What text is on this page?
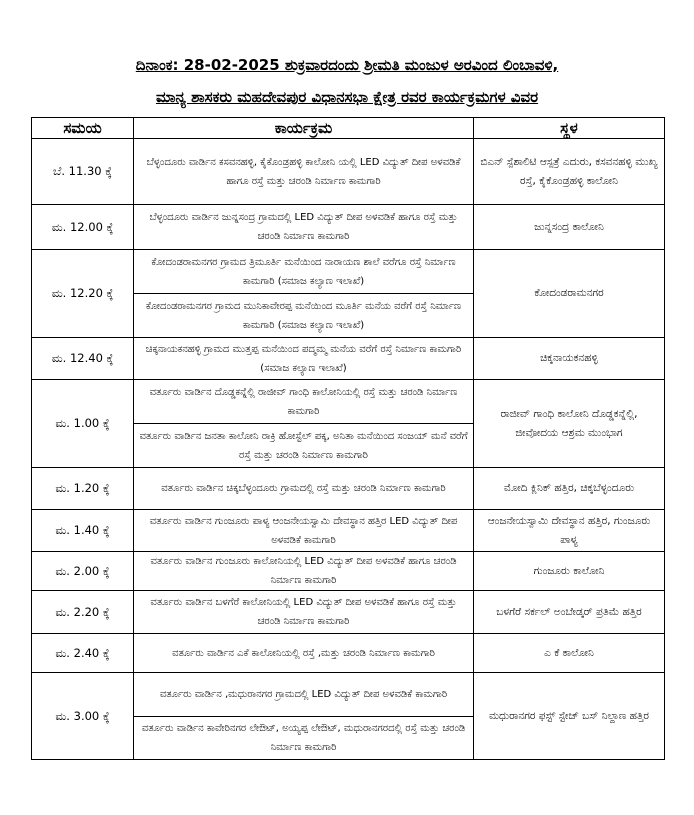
ದಿನಾಂಕ: 28-02-2025 ಶುಕ್ರವಾರದಂದು ಶ್ರೀಮತಿ ಮಂಜುಳ ಅರವಿಂದ ಲಿಂಬಾವಳಿ,
ಮಾನ್ಯ ಶಾಸಕರು ಮಹದೇವಪುರ ವಿಧಾನಸಭಾ ಕ್ಷೇತ್ರ ರವರ ಕಾರ್ಯಕ್ರಮಗಳ ವಿವರ
ಸಮಯ	ಕಾರ್ಯಕ್ರಮ	ಸ್ಥಳ
ಬೆ. 11.30 ಕ್ಕೆ	ಬೆಳ್ಳಂದೂರು ವಾರ್ಡಿನ ಕಸವನಹಳ್ಳಿ, ಕೈಕೊಂಡ್ರಹಳ್ಳಿ ಕಾಲೋನಿ ಯಲ್ಲಿ LED ವಿದ್ಯುತ್ ದೀಪ ಅಳವಡಿಕೆ ಹಾಗೂ ರಸ್ತೆ ಮತ್ತು ಚರಂಡಿ ನಿರ್ಮಾಣ ಕಾಮಗಾರಿ	ಬಿಎನ್ ಸ್ಪೆಶಾಲಿಟಿ ಆಸ್ಪತ್ರೆ ಎದುರು, ಕಸವನಹಳ್ಳಿ ಮುಖ್ಯ ರಸ್ತೆ, ಕೈಕೊಂಡ್ರಹಳ್ಳಿ ಕಾಲೋನಿ
ಮ. 12.00 ಕ್ಕೆ	ಬೆಳ್ಳಂದೂರು ವಾರ್ಡಿನ ಜುನ್ನಸಂದ್ರ ಗ್ರಾಮದಲ್ಲಿ LED ವಿದ್ಯುತ್ ದೀಪ ಅಳವಡಿಕೆ ಹಾಗೂ ರಸ್ತೆ ಮತ್ತು ಚರಂಡಿ ನಿರ್ಮಾಣ ಕಾಮಗಾರಿ	ಜುನ್ನಸಂದ್ರ ಕಾಲೋನಿ
ಮ. 12.20 ಕ್ಕೆ	ಕೋದಂಡರಾಮನಗರ ಗ್ರಾಮದ ತ್ರಿಮೂರ್ತಿ ಮನೆಯಿಂದ ನಾರಾಯಣ ಶಾಲೆ ವರೆಗೂ ರಸ್ತೆ ನಿರ್ಮಾಣ ಕಾಮಗಾರಿ (ಸಮಾಜ ಕಲ್ಯಾಣ ಇಲಾಖೆ)	ಕೋದಂಡರಾಮನಗರ
	ಕೋದಂಡರಾಮನಗರ ಗ್ರಾಮದ ಮುನಿಕಾವೇರಪ್ಪ ಮನೆಯಿಂದ ಮೂರ್ತಿ ಮನೆಯ ವರೆಗೆ ರಸ್ತೆ ನಿರ್ಮಾಣ ಕಾಮಗಾರಿ (ಸಮಾಜ ಕಲ್ಯಾಣ ಇಲಾಖೆ)	
ಮ. 12.40 ಕ್ಕೆ	ಚಿಕ್ಕನಾಯಕನಹಳ್ಳಿ ಗ್ರಾಮದ ಮುತ್ತಪ್ಪ ಮನೆಯಿಂದ ಪದ್ಮಮ್ಮ ಮನೆಯ ವರೆಗೆ ರಸ್ತೆ ನಿರ್ಮಾಣ ಕಾಮಗಾರಿ (ಸಮಾಜ ಕಲ್ಯಾಣ ಇಲಾಖೆ)	ಚಿಕ್ಕನಾಯಕನಹಳ್ಳಿ
ಮ. 1.00 ಕ್ಕೆ	ವರ್ತೂರು ವಾರ್ಡಿನ ದೊಡ್ಡಕನ್ನೆಲ್ಲಿ ರಾಜೀವ್ ಗಾಂಧಿ ಕಾಲೋನಿಯಲ್ಲಿ ರಸ್ತೆ ಮತ್ತು ಚರಂಡಿ ನಿರ್ಮಾಣ ಕಾಮಗಾರಿ	ರಾಜೀವ್ ಗಾಂಧಿ ಕಾಲೋನಿ ದೊಡ್ಡಕನ್ನೆಲ್ಲಿ, ಜೀವೋದಯ ಆಶ್ರಮ ಮುಂಭಾಗ
	ವರ್ತೂರು ವಾರ್ಡಿನ ಜನತಾ ಕಾಲೋನಿ ರಾಕ್ರಿ ಹೋಸ್ಟೆಲ್ ಪಕ್ಕ, ಅನಿತಾ ಮನೆಯಿಂದ ಸಂಜಯ್ ಮನೆ ವರೆಗೆ ರಸ್ತೆ ಮತ್ತು ಚರಂಡಿ ನಿರ್ಮಾಣ ಕಾಮಗಾರಿ	
ಮ. 1.20 ಕ್ಕೆ	ವರ್ತೂರು ವಾರ್ಡಿನ ಚಿಕ್ಕಬೆಳ್ಳಂದೂರು ಗ್ರಾಮದಲ್ಲಿ ರಸ್ತೆ ಮತ್ತು ಚರಂಡಿ ನಿರ್ಮಾಣ ಕಾಮಗಾರಿ	ಮೋದಿ ಕ್ಲಿನಿಕ್ ಹತ್ತಿರ, ಚಿಕ್ಕಬೆಳ್ಳಂದೂರು
ಮ. 1.40 ಕ್ಕೆ	ವರ್ತೂರು ವಾರ್ಡಿನ ಗುಂಜೂರು ಪಾಳ್ಯ ಆಂಜನೇಯಸ್ವಾಮಿ ದೇವಸ್ಥಾನ ಹತ್ತಿರ LED ವಿದ್ಯುತ್ ದೀಪ ಅಳವಡಿಕೆ ಕಾಮಗಾರಿ	ಆಂಜನೇಯಸ್ವಾಮಿ ದೇವಸ್ಥಾನ ಹತ್ತಿರ, ಗುಂಜೂರು ಪಾಳ್ಯ
ಮ. 2.00 ಕ್ಕೆ	ವರ್ತೂರು ವಾರ್ಡಿನ ಗುಂಜೂರು ಕಾಲೋನಿಯಲ್ಲಿ LED ವಿದ್ಯುತ್ ದೀಪ ಅಳವಡಿಕೆ ಹಾಗೂ ಚರಂಡಿ ನಿರ್ಮಾಣ ಕಾಮಗಾರಿ	ಗುಂಜೂರು ಕಾಲೋನಿ
ಮ. 2.20 ಕ್ಕೆ	ವರ್ತೂರು ವಾರ್ಡಿನ ಬಳಗೆರೆ ಕಾಲೋನಿಯಲ್ಲಿ LED ವಿದ್ಯುತ್ ದೀಪ ಅಳವಡಿಕೆ ಹಾಗೂ ರಸ್ತೆ ಮತ್ತು ಚರಂಡಿ ನಿರ್ಮಾಣ ಕಾಮಗಾರಿ	ಬಳಗೆರೆ ಸರ್ಕಲ್ ಅಂಬೇಡ್ಕರ್ ಪ್ರತಿಮೆ ಹತ್ತಿರ
ಮ. 2.40 ಕ್ಕೆ	ವರ್ತೂರು ವಾರ್ಡಿನ ಎಕೆ ಕಾಲೋನಿಯಲ್ಲಿ ರಸ್ತೆ ,ಮತ್ತು ಚರಂಡಿ ನಿರ್ಮಾಣ ಕಾಮಗಾರಿ	ಎ ಕೆ ಕಾಲೋನಿ
ಮ. 3.00 ಕ್ಕೆ	ವರ್ತೂರು ವಾರ್ಡಿನ ,ಮಧುರಾನಗರ ಗ್ರಾಮದಲ್ಲಿ LED ವಿದ್ಯುತ್ ದೀಪ ಅಳವಡಿಕೆ ಕಾಮಗಾರಿ	ಮಧುರಾನಗರ ಫಸ್ಟ್ ಸ್ಟೇಜ್ ಬಸ್ ನಿಲ್ದಾಣ ಹತ್ತಿರ
	ವರ್ತೂರು ವಾರ್ಡಿನ ಕಾವೇರಿನಗರ ಲೇಔಟ್, ಅಯ್ಯಪ್ಪ ಲೇಔಟ್, ಮಧುರಾನಗರದಲ್ಲಿ ರಸ್ತೆ ಮತ್ತು ಚರಂಡಿ ನಿರ್ಮಾಣ ಕಾಮಗಾರಿ	
